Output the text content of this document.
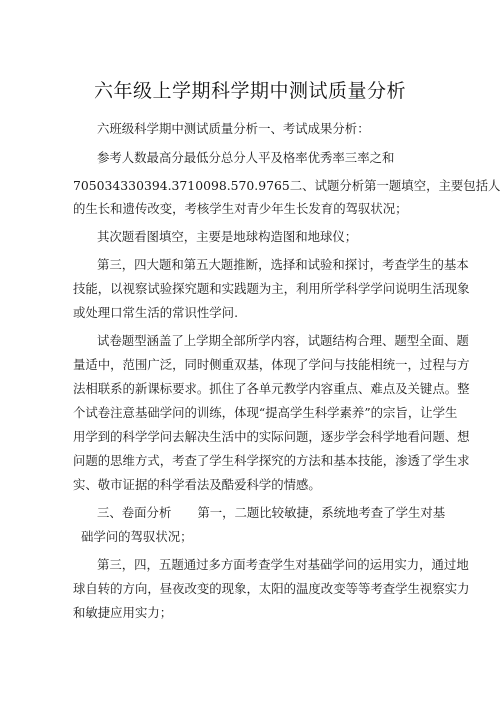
六年级上学期科学期中测试质量分析
六班级科学期中测试质量分析一、考试成果分析：
参考人数最高分最低分总分人平及格率优秀率三率之和
705034330394.3710098.570.9765二、试题分析第一题填空，主要包括人
的生长和遗传改变，考核学生对青少年生长发育的驾驭状况；
其次题看图填空，主要是地球构造图和地球仪；
第三，四大题和第五大题推断，选择和试验和探讨，考查学生的基本
技能，以视察试验探究题和实践题为主，利用所学科学学问说明生活现象
或处理口常生活的常识性学问.
试卷题型涵盖了上学期全部所学内容，试题结构合理、题型全面、题
量适中，范围广泛，同时侧重双基，体现了学问与技能相统一，过程与方
法相联系的新课标要求。抓住了各单元教学内容重点、难点及关键点。整
个试卷注意基础学问的训练，体现“提高学生科学素养”的宗旨，让学生
用学到的科学学问去解决生活中的实际问题，逐步学会科学地看问题、想
问题的思维方式，考查了学生科学探究的方法和基本技能，渗透了学生求
实、敬市证据的科学看法及酷爱科学的情感。
三、卷面分析 第一，二题比较敏捷，系统地考查了学生对基
础学问的驾驭状况；
第三，四，五题通过多方面考查学生对基础学问的运用实力，通过地
球自转的方向，昼夜改变的现象，太阳的温度改变等等考查学生视察实力
和敏捷应用实力；
